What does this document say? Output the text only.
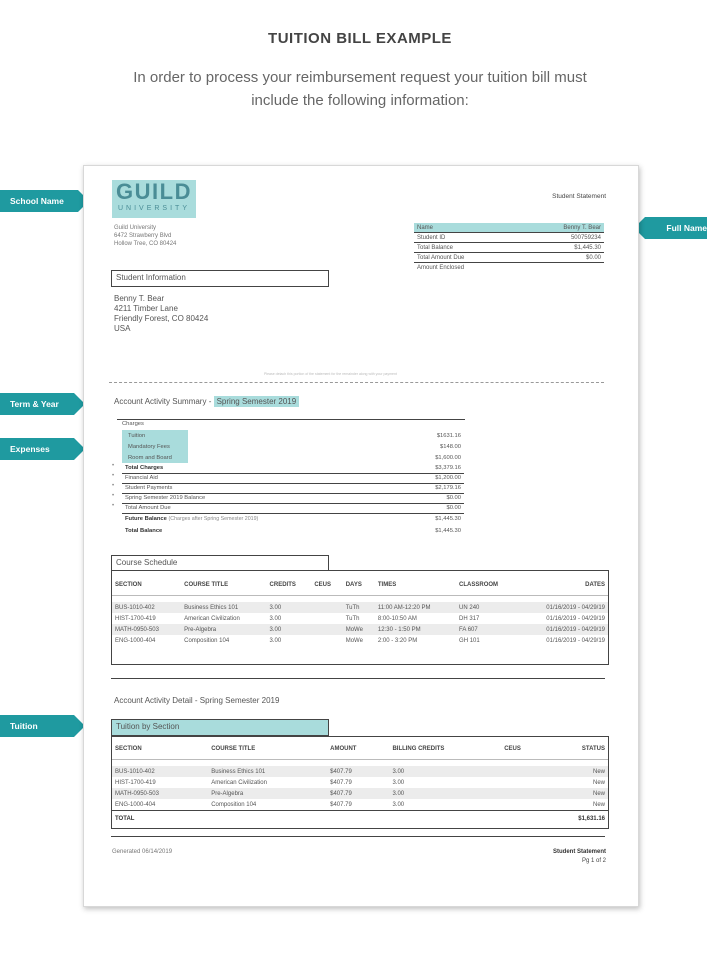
TUITION BILL EXAMPLE
In order to process your reimbursement request your tuition bill must include the following information:
School Name
Full Name
Term & Year
Expenses
Tuition
GUILD
UNIVERSITY
Guild University
6472 Strawberry Blvd
Hollow Tree, CO 80424
Student Statement
Name	Benny T. Bear
Student ID	500759234
Total Balance	$1,445.30
Total Amount Due	$0.00
Amount Enclosed	
Student Information
Benny T. Bear
4211 Timber Lane
Friendly Forest, CO 80424
USA
Please detach this portion of the statement for the remainder along with your payment
Account Activity Summary - Spring Semester 2019
Charges
Tuition	$1631.16
Mandatory Fees	$148.00
Room and Board	$1,600.00
Total Charges	$3,379.16
Financial Aid	$1,200.00
Student Payments	$2,179.16
Spring Semester 2019 Balance	$0.00
Total Amount Due	$0.00
Future Balance (Charges after Spring Semester 2019)	$1,445.30
Total Balance	$1,445.30
•
•
•
•
•
SECTION	COURSE TITLE	CREDITS	CEUS	DAYS	TIMES	CLASSROOM	DATES

BUS-1010-402	Business Ethics 101	3.00		TuTh	11:00 AM-12:20 PM	UN 240	01/16/2019 - 04/29/19
HIST-1700-419	American Civilization	3.00		TuTh	8:00-10:50 AM	DH 317	01/16/2019 - 04/29/19
MATH-0950-503	Pre-Algebra	3.00		MoWe	12:30 - 1:50 PM	FA 607	01/16/2019 - 04/29/19
ENG-1000-404	Composition 104	3.00		MoWe	2:00 - 3:20 PM	GH 101	01/16/2019 - 04/29/19
Course Schedule
Account Activity Detail - Spring Semester 2019
SECTION	COURSE TITLE	AMOUNT	BILLING CREDITS	CEUS	STATUS

BUS-1010-402	Business Ethics 101	$407.79	3.00		New
HIST-1700-419	American Civilization	$407.79	3.00		New
MATH-0950-503	Pre-Algebra	$407.79	3.00		New
ENG-1000-404	Composition 104	$407.79	3.00		New
TOTAL					$1,631.16
Tuition by Section
Generated 06/14/2019	Student Statement
Pg 1 of 2
